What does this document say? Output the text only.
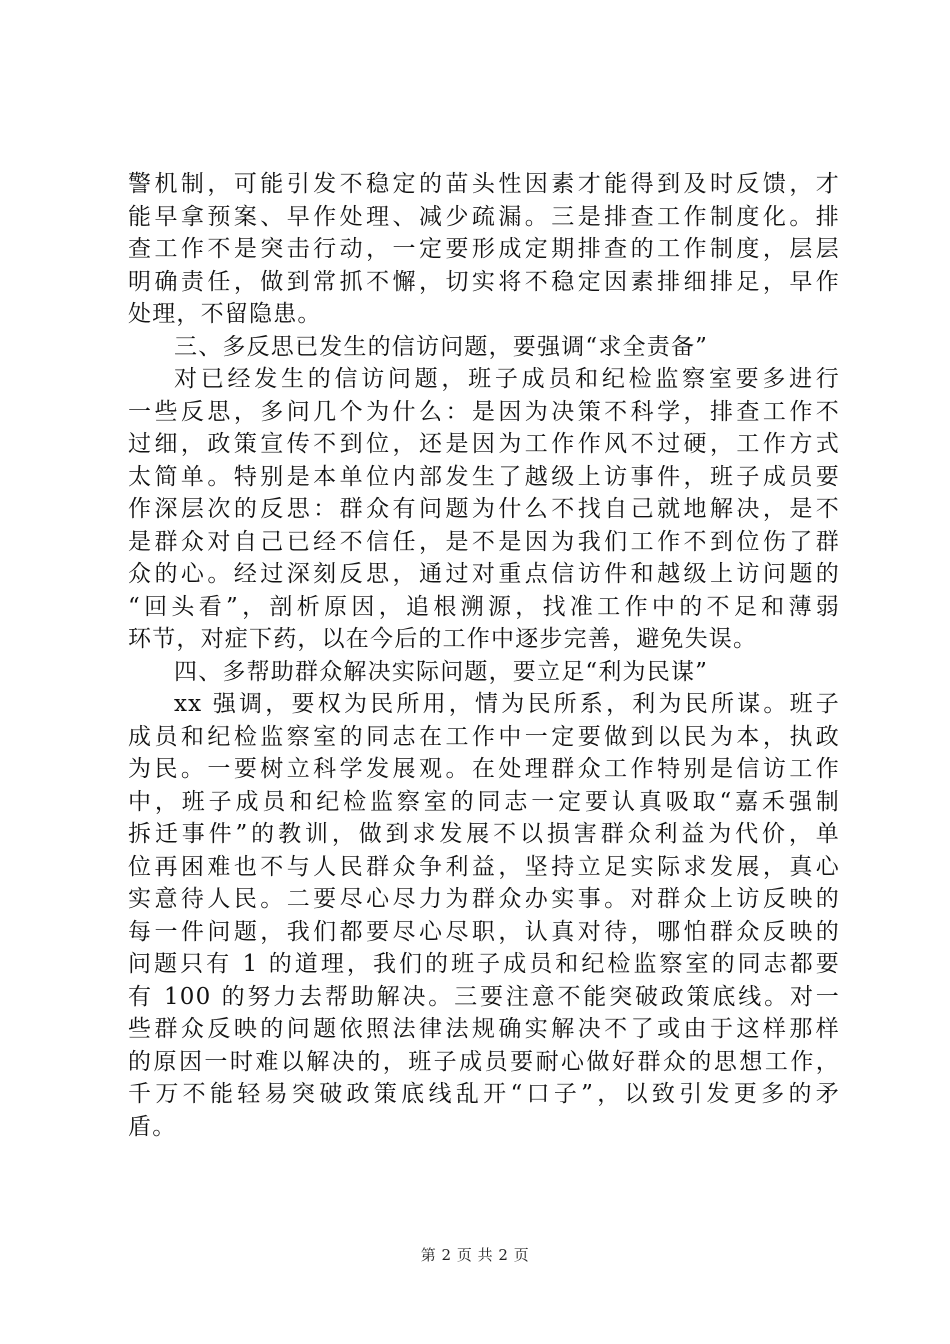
警机制，可能引发不稳定的苗头性因素才能得到及时反馈，才
能早拿预案、早作处理、减少疏漏。三是排查工作制度化。排
查工作不是突击行动，一定要形成定期排查的工作制度，层层
明确责任，做到常抓不懈，切实将不稳定因素排细排足，早作
处理，不留隐患。
三、多反思已发生的信访问题，要强调“求全责备”
对已经发生的信访问题，班子成员和纪检监察室要多进行
一些反思，多问几个为什么：是因为决策不科学，排查工作不
过细，政策宣传不到位，还是因为工作作风不过硬，工作方式
太简单。特别是本单位内部发生了越级上访事件，班子成员要
作深层次的反思：群众有问题为什么不找自己就地解决，是不
是群众对自己已经不信任，是不是因为我们工作不到位伤了群
众的心。经过深刻反思，通过对重点信访件和越级上访问题的
“回头看”，剖析原因，追根溯源，找准工作中的不足和薄弱
环节，对症下药，以在今后的工作中逐步完善，避免失误。
四、多帮助群众解决实际问题，要立足“利为民谋”
xx 强调，要权为民所用，情为民所系，利为民所谋。班子
成员和纪检监察室的同志在工作中一定要做到以民为本，执政
为民。一要树立科学发展观。在处理群众工作特别是信访工作
中，班子成员和纪检监察室的同志一定要认真吸取“嘉禾强制
拆迁事件”的教训，做到求发展不以损害群众利益为代价，单
位再困难也不与人民群众争利益，坚持立足实际求发展，真心
实意待人民。二要尽心尽力为群众办实事。对群众上访反映的
每一件问题，我们都要尽心尽职，认真对待，哪怕群众反映的
问题只有 1 的道理，我们的班子成员和纪检监察室的同志都要
有 100 的努力去帮助解决。三要注意不能突破政策底线。对一
些群众反映的问题依照法律法规确实解决不了或由于这样那样
的原因一时难以解决的，班子成员要耐心做好群众的思想工作，
千万不能轻易突破政策底线乱开“口子”，以致引发更多的矛
盾。
第 2 页 共 2 页
